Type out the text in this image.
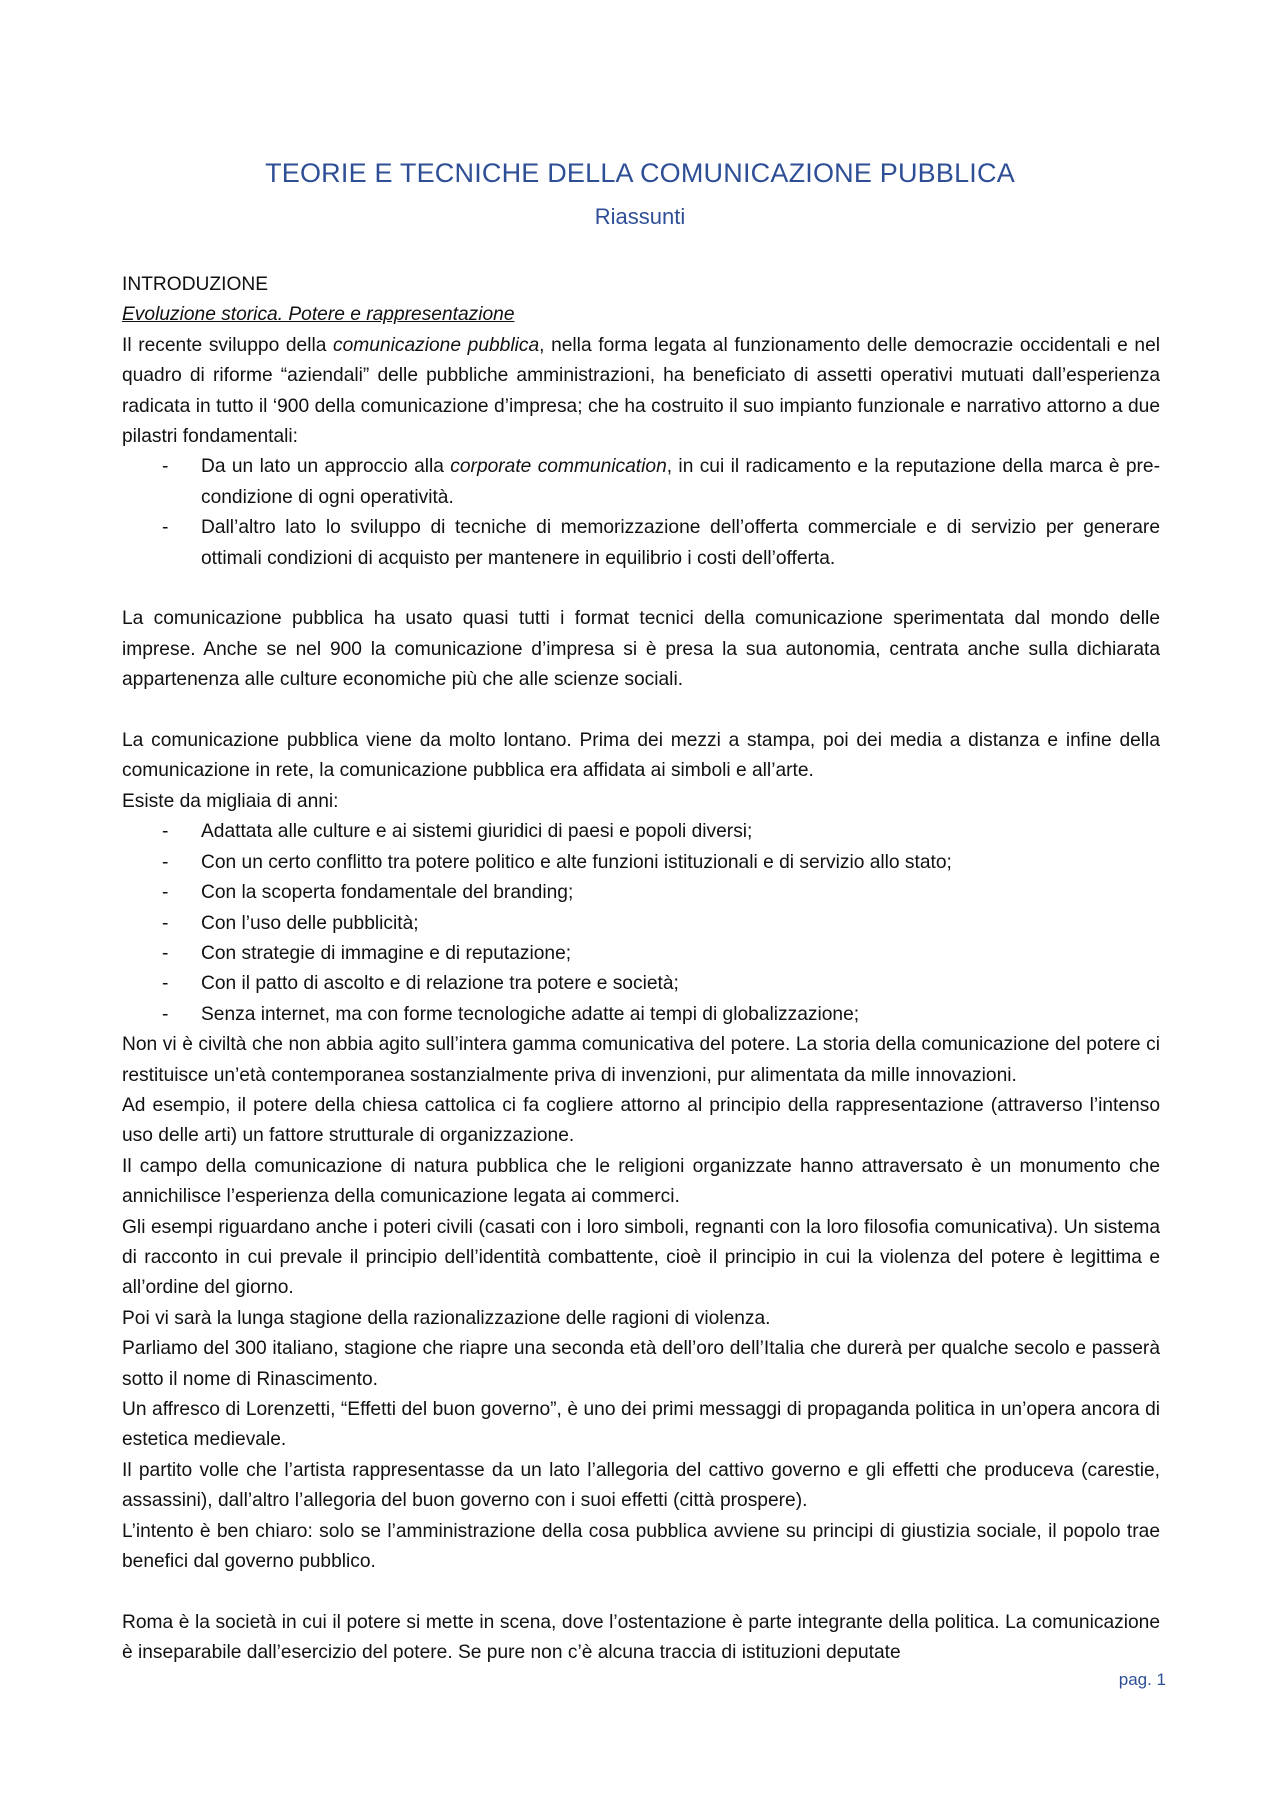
TEORIE E TECNICHE DELLA COMUNICAZIONE PUBBLICA
Riassunti
INTRODUZIONE
Evoluzione storica. Potere e rappresentazione

Il recente sviluppo della comunicazione pubblica, nella forma legata al funzionamento delle democrazie occidentali e nel quadro di riforme “aziendali” delle pubbliche amministrazioni, ha beneficiato di assetti operativi mutuati dall’esperienza radicata in tutto il ‘900 della comunicazione d’impresa; che ha costruito il suo impianto funzionale e narrativo attorno a due pilastri fondamentali:

- Da un lato un approccio alla corporate communication, in cui il radicamento e la reputazione della marca è pre-condizione di ogni operatività.
- Dall’altro lato lo sviluppo di tecniche di memorizzazione dell’offerta commerciale e di servizio per generare ottimali condizioni di acquisto per mantenere in equilibrio i costi dell’offerta.

La comunicazione pubblica ha usato quasi tutti i format tecnici della comunicazione sperimentata dal mondo delle imprese. Anche se nel 900 la comunicazione d’impresa si è presa la sua autonomia, centrata anche sulla dichiarata appartenenza alle culture economiche più che alle scienze sociali.

La comunicazione pubblica viene da molto lontano. Prima dei mezzi a stampa, poi dei media a distanza e infine della comunicazione in rete, la comunicazione pubblica era affidata ai simboli e all’arte.

Esiste da migliaia di anni:

- Adattata alle culture e ai sistemi giuridici di paesi e popoli diversi;
- Con un certo conflitto tra potere politico e alte funzioni istituzionali e di servizio allo stato;
- Con la scoperta fondamentale del branding;
- Con l’uso delle pubblicità;
- Con strategie di immagine e di reputazione;
- Con il patto di ascolto e di relazione tra potere e società;
- Senza internet, ma con forme tecnologiche adatte ai tempi di globalizzazione;

Non vi è civiltà che non abbia agito sull’intera gamma comunicativa del potere. La storia della comunicazione del potere ci restituisce un’età contemporanea sostanzialmente priva di invenzioni, pur alimentata da mille innovazioni.

Ad esempio, il potere della chiesa cattolica ci fa cogliere attorno al principio della rappresentazione (attraverso l’intenso uso delle arti) un fattore strutturale di organizzazione.

Il campo della comunicazione di natura pubblica che le religioni organizzate hanno attraversato è un monumento che annichilisce l’esperienza della comunicazione legata ai commerci.

Gli esempi riguardano anche i poteri civili (casati con i loro simboli, regnanti con la loro filosofia comunicativa). Un sistema di racconto in cui prevale il principio dell’identità combattente, cioè il principio in cui la violenza del potere è legittima e all’ordine del giorno.

Poi vi sarà la lunga stagione della razionalizzazione delle ragioni di violenza.

Parliamo del 300 italiano, stagione che riapre una seconda età dell’oro dell’Italia che durerà per qualche secolo e passerà sotto il nome di Rinascimento.

Un affresco di Lorenzetti, “Effetti del buon governo”, è uno dei primi messaggi di propaganda politica in un’opera ancora di estetica medievale.

Il partito volle che l’artista rappresentasse da un lato l’allegoria del cattivo governo e gli effetti che produceva (carestie, assassini), dall’altro l’allegoria del buon governo con i suoi effetti (città prospere).

L’intento è ben chiaro: solo se l’amministrazione della cosa pubblica avviene su principi di giustizia sociale, il popolo trae benefici dal governo pubblico.

Roma è la società in cui il potere si mette in scena, dove l’ostentazione è parte integrante della politica. La comunicazione è inseparabile dall’esercizio del potere. Se pure non c’è alcuna traccia di istituzioni deputate

pag. 1
